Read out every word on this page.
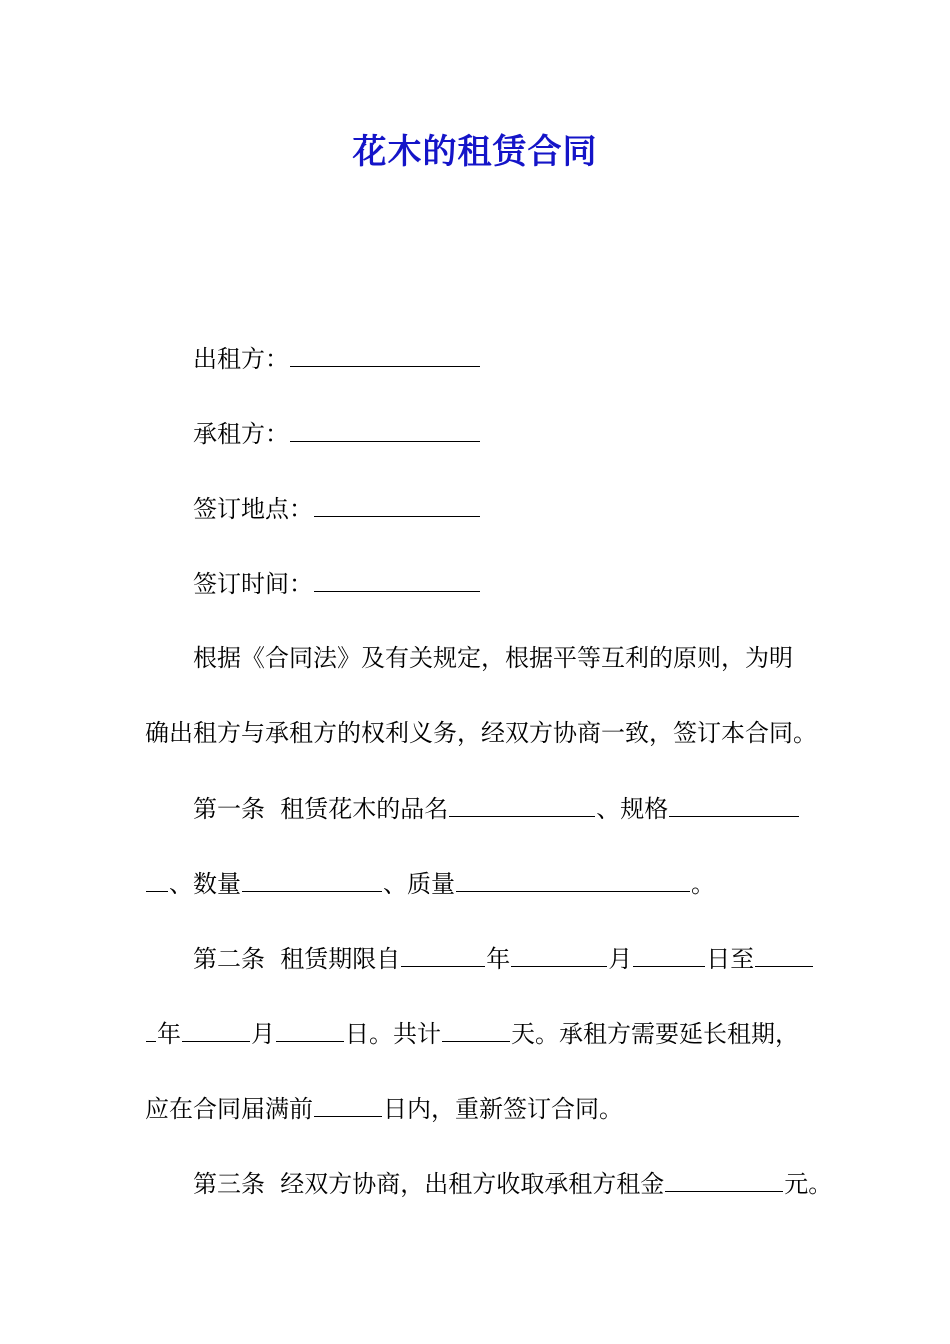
花木的租赁合同
出租方：
承租方：
签订地点：
签订时间：
根据《合同法》及有关规定，根据平等互利的原则，为明
确出租方与承租方的权利义务，经双方协商一致，签订本合同。
第一条 租赁花木的品名	、规格
、数量	、质量	。
第二条 租赁期限自	年	月	日至
年	月	日。共计	天。承租方需要延长租期，
应在合同届满前	日内，重新签订合同。
第三条 经双方协商，出租方收取承租方租金	元。
